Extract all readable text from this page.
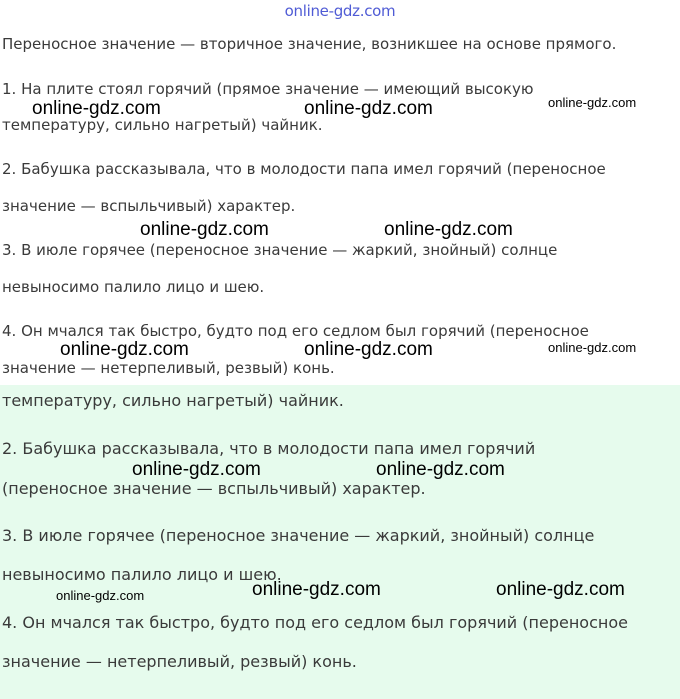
online-gdz.com
Переносное значение — вторичное значение, возникшее на основе прямого.
1. На плите стоял горячий (прямое значение — имеющий высокую
температуру, сильно нагретый) чайник.
2. Бабушка рассказывала, что в молодости папа имел горячий (переносное
значение — вспыльчивый) характер.
3. В июле горячее (переносное значение — жаркий, знойный) солнце
невыносимо палило лицо и шею.
4. Он мчался так быстро, будто под его седлом был горячий (переносное
значение — нетерпеливый, резвый) конь.
температуру, сильно нагретый) чайник.
2. Бабушка рассказывала, что в молодости папа имел горячий
(переносное значение — вспыльчивый) характер.
3. В июле горячее (переносное значение — жаркий, знойный) солнце
невыносимо палило лицо и шею.
4. Он мчался так быстро, будто под его седлом был горячий (переносное
значение — нетерпеливый, резвый) конь.
online-gdz.com	online-gdz.com	online-gdz.com
online-gdz.com	online-gdz.com
online-gdz.com	online-gdz.com	online-gdz.com
online-gdz.com	online-gdz.com
online-gdz.com	online-gdz.com
online-gdz.com
